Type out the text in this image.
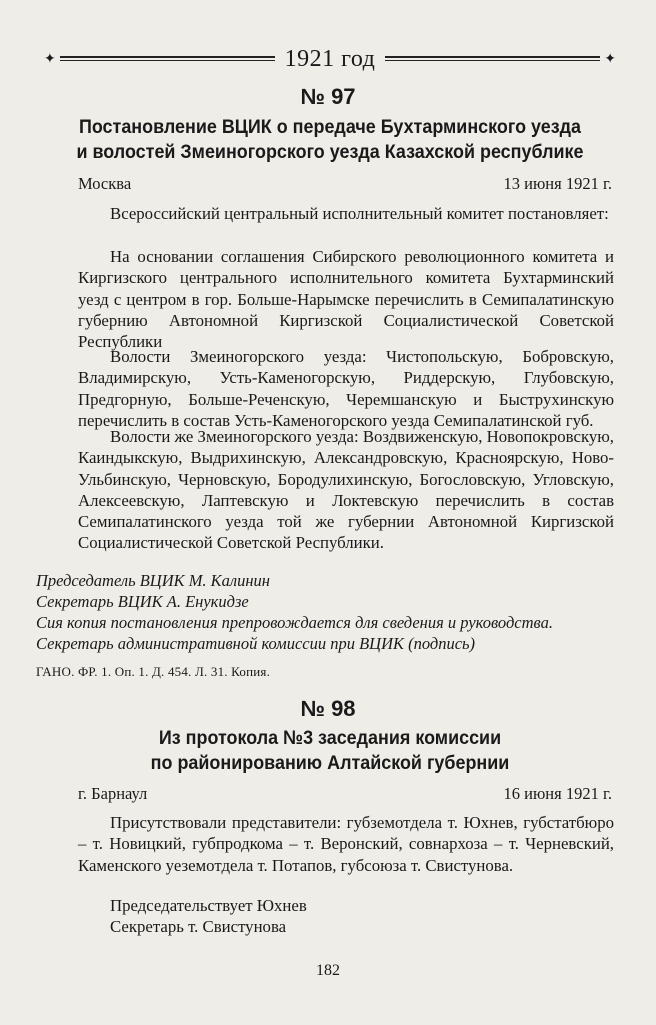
✦	1921 год	✦
№ 97
Постановление ВЦИК о передаче Бухтарминского уезда
и волостей Змеиногорского уезда Казахской республике
Москва	13 июня 1921 г.

Всероссийский центральный исполнительный комитет постановляет:

На основании соглашения Сибирского революционного комитета и Киргизского центрального исполнительного комитета Бухтарминский уезд с центром в гор. Больше-Нарымске перечислить в Семипалатинскую губернию Автономной Киргизской Социалистической Советской Республики

Волости Змеиногорского уезда: Чистопольскую, Бобровскую, Владимирскую, Усть-Каменогорскую, Риддерскую, Глубовскую, Предгорную, Больше-Реченскую, Черемшанскую и Быструхинскую перечислить в состав Усть-Каменогорского уезда Семипалатинской губ.

Волости же Змеиногорского уезда: Воздвиженскую, Новопокровскую, Каиндыкскую, Выдрихинскую, Александровскую, Красноярскую, Ново-Ульбинскую, Черновскую, Бородулихинскую, Богословскую, Угловскую, Алексеевскую, Лаптевскую и Локтевскую перечислить в состав Семипалатинского уезда той же губернии Автономной Киргизской Социалистической Советской Республики.

Председатель ВЦИК М. Калинин

Секретарь ВЦИК А. Енукидзе

Сия копия постановления препровождается для сведения и руководства.

Секретарь административной комиссии при ВЦИК (подпись)

ГАНО. ФР. 1. Оп. 1. Д. 454. Л. 31. Копия.
№ 98
Из протокола №3 заседания комиссии
по районированию Алтайской губернии
г. Барнаул	16 июня 1921 г.

Присутствовали представители: губземотдела т. Юхнев, губстатбюро – т. Новицкий, губпродкома – т. Веронский, совнархоза – т. Черневский, Каменского уеземотдела т. Потапов, губсоюза т. Свистунова.

Председательствует Юхнев

Секретарь т. Свистунова

182
